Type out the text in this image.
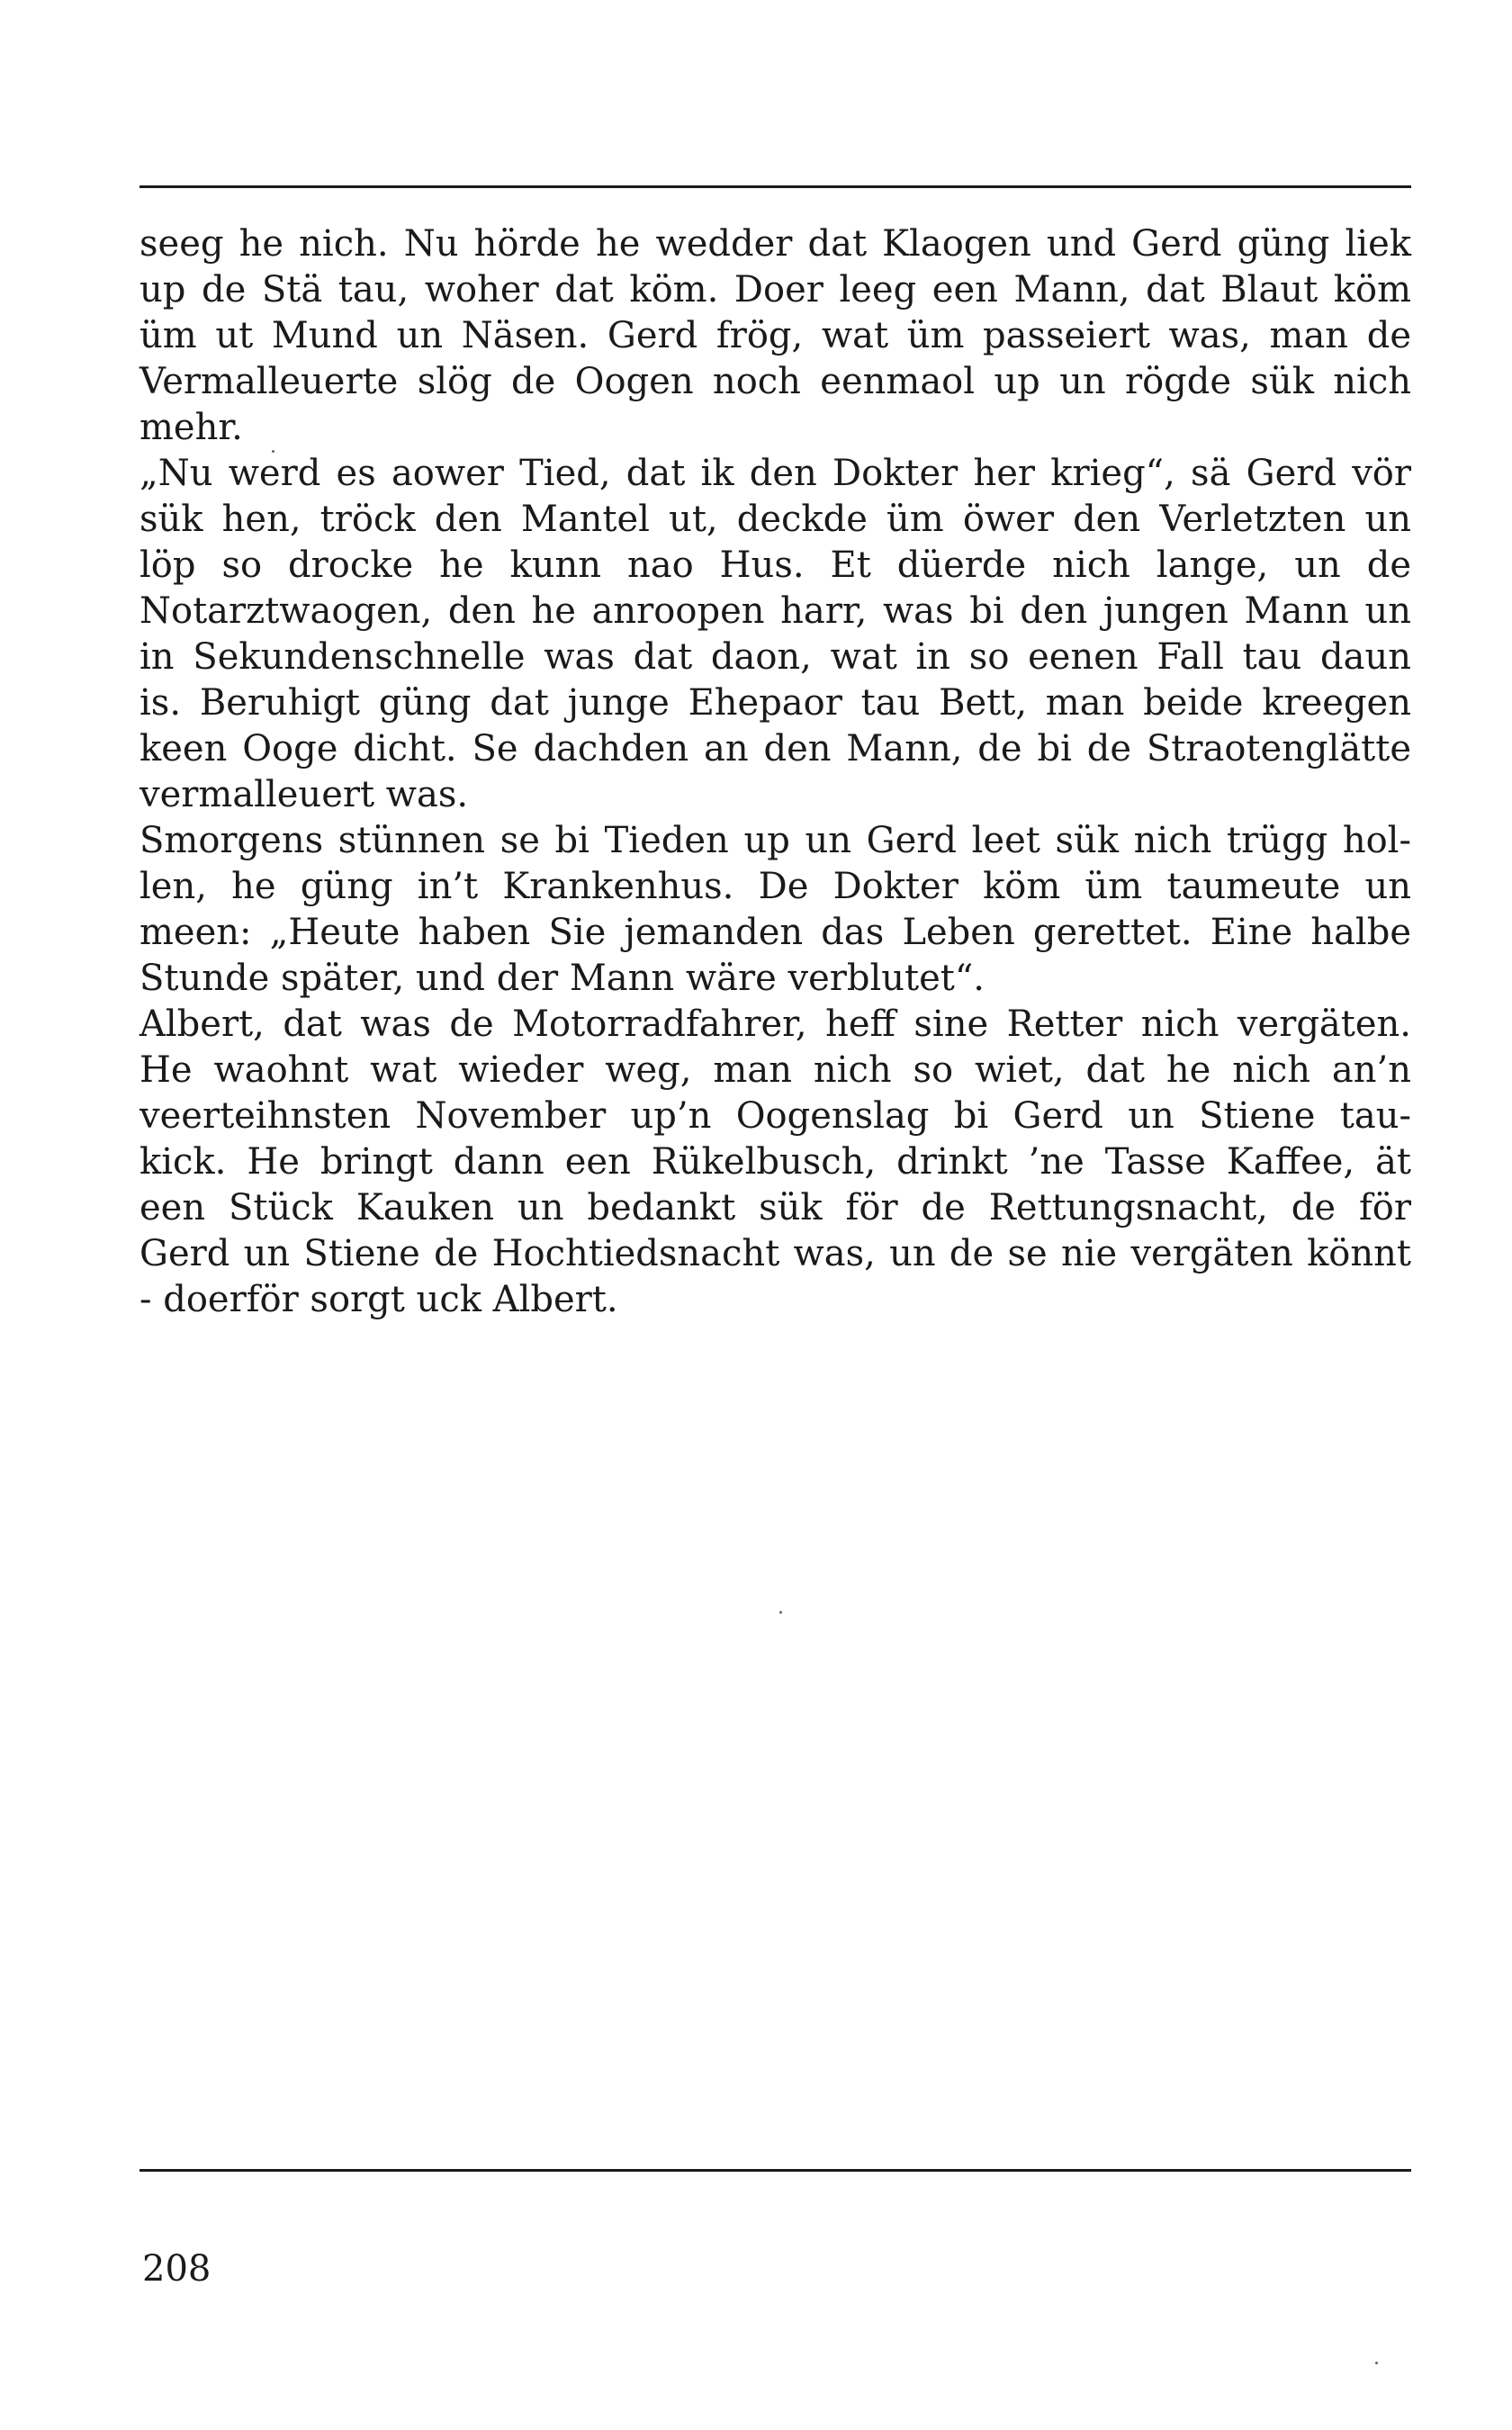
seeg he nich. Nu hörde he wedder dat Klaogen und Gerd güng liek
up de Stä tau, woher dat köm. Doer leeg een Mann, dat Blaut köm
üm ut Mund un Näsen. Gerd frög, wat üm passeiert was, man de
Vermalleuerte slög de Oogen noch eenmaol up un rögde sük nich
mehr.
„Nu werd es aower Tied, dat ik den Dokter her krieg“, sä Gerd vör
sük hen, tröck den Mantel ut, deckde üm öwer den Verletzten un
löp so drocke he kunn nao Hus. Et düerde nich lange, un de
Notarztwaogen, den he anroopen harr, was bi den jungen Mann un
in Sekundenschnelle was dat daon, wat in so eenen Fall tau daun
is. Beruhigt güng dat junge Ehepaor tau Bett, man beide kreegen
keen Ooge dicht. Se dachden an den Mann, de bi de Straotenglätte
vermalleuert was.
Smorgens stünnen se bi Tieden up un Gerd leet sük nich trügg hol-
len, he güng in’t Krankenhus. De Dokter köm üm taumeute un
meen: „Heute haben Sie jemanden das Leben gerettet. Eine halbe
Stunde später, und der Mann wäre verblutet“.
Albert, dat was de Motorradfahrer, heff sine Retter nich vergäten.
He waohnt wat wieder weg, man nich so wiet, dat he nich an’n
veerteihnsten November up’n Oogenslag bi Gerd un Stiene tau-
kick. He bringt dann een Rükelbusch, drinkt ’ne Tasse Kaffee, ät
een Stück Kauken un bedankt sük för de Rettungsnacht, de för
Gerd un Stiene de Hochtiedsnacht was, un de se nie vergäten könnt
- doerför sorgt uck Albert.
208
